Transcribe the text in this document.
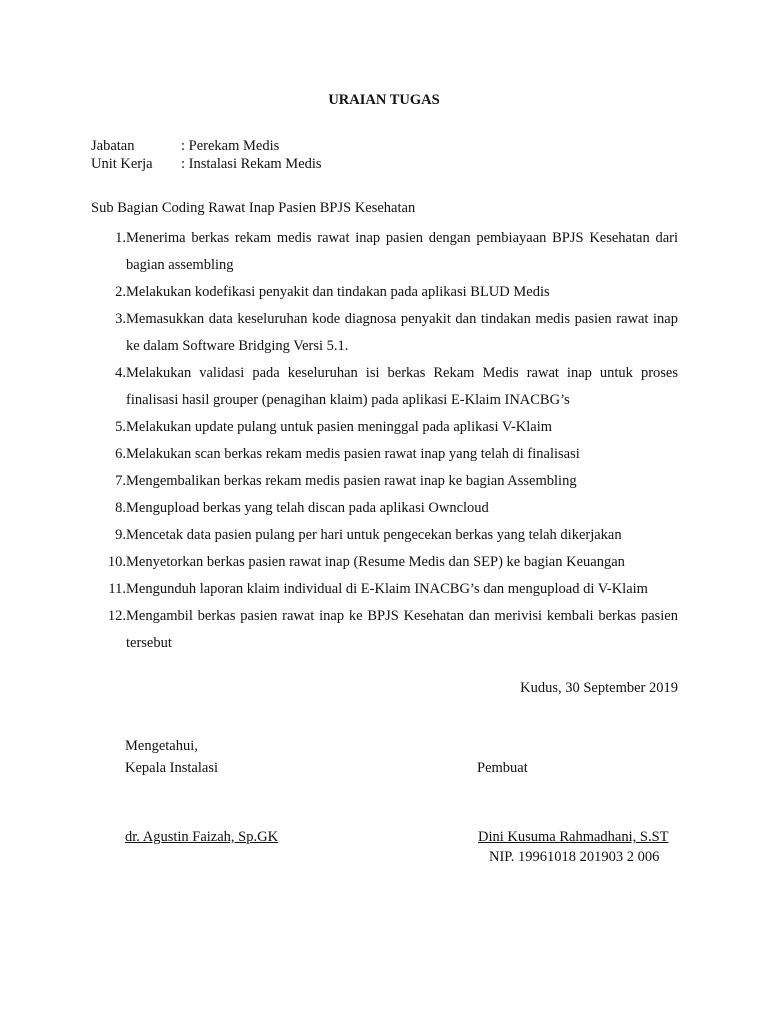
URAIAN TUGAS
Jabatan	: Perekam Medis
Unit Kerja	: Instalasi Rekam Medis
Sub Bagian Coding Rawat Inap Pasien BPJS Kesehatan
1. Menerima berkas rekam medis rawat inap pasien dengan pembiayaan BPJS Kesehatan dari bagian assembling
2. Melakukan kodefikasi penyakit dan tindakan pada aplikasi BLUD Medis
3. Memasukkan data keseluruhan kode diagnosa penyakit dan tindakan medis pasien rawat inap ke dalam Software Bridging Versi 5.1.
4. Melakukan validasi pada keseluruhan isi berkas Rekam Medis rawat inap untuk proses finalisasi hasil grouper (penagihan klaim) pada aplikasi E-Klaim INACBG’s
5. Melakukan update pulang untuk pasien meninggal pada aplikasi V-Klaim
6. Melakukan scan berkas rekam medis pasien rawat inap yang telah di finalisasi
7. Mengembalikan berkas rekam medis pasien rawat inap ke bagian Assembling
8. Mengupload berkas yang telah discan pada aplikasi Owncloud
9. Mencetak data pasien pulang per hari untuk pengecekan berkas yang telah dikerjakan
10. Menyetorkan berkas pasien rawat inap (Resume Medis dan SEP) ke bagian Keuangan
11. Mengunduh laporan klaim individual di E-Klaim INACBG’s dan mengupload di V-Klaim
12. Mengambil berkas pasien rawat inap ke BPJS Kesehatan dan merivisi kembali berkas pasien tersebut
Kudus, 30 September 2019
Mengetahui,
Kepala Instalasi	Pembuat
dr. Agustin Faizah, Sp.GK	Dini Kusuma Rahmadhani, S.ST
NIP. 19961018 201903 2 006
